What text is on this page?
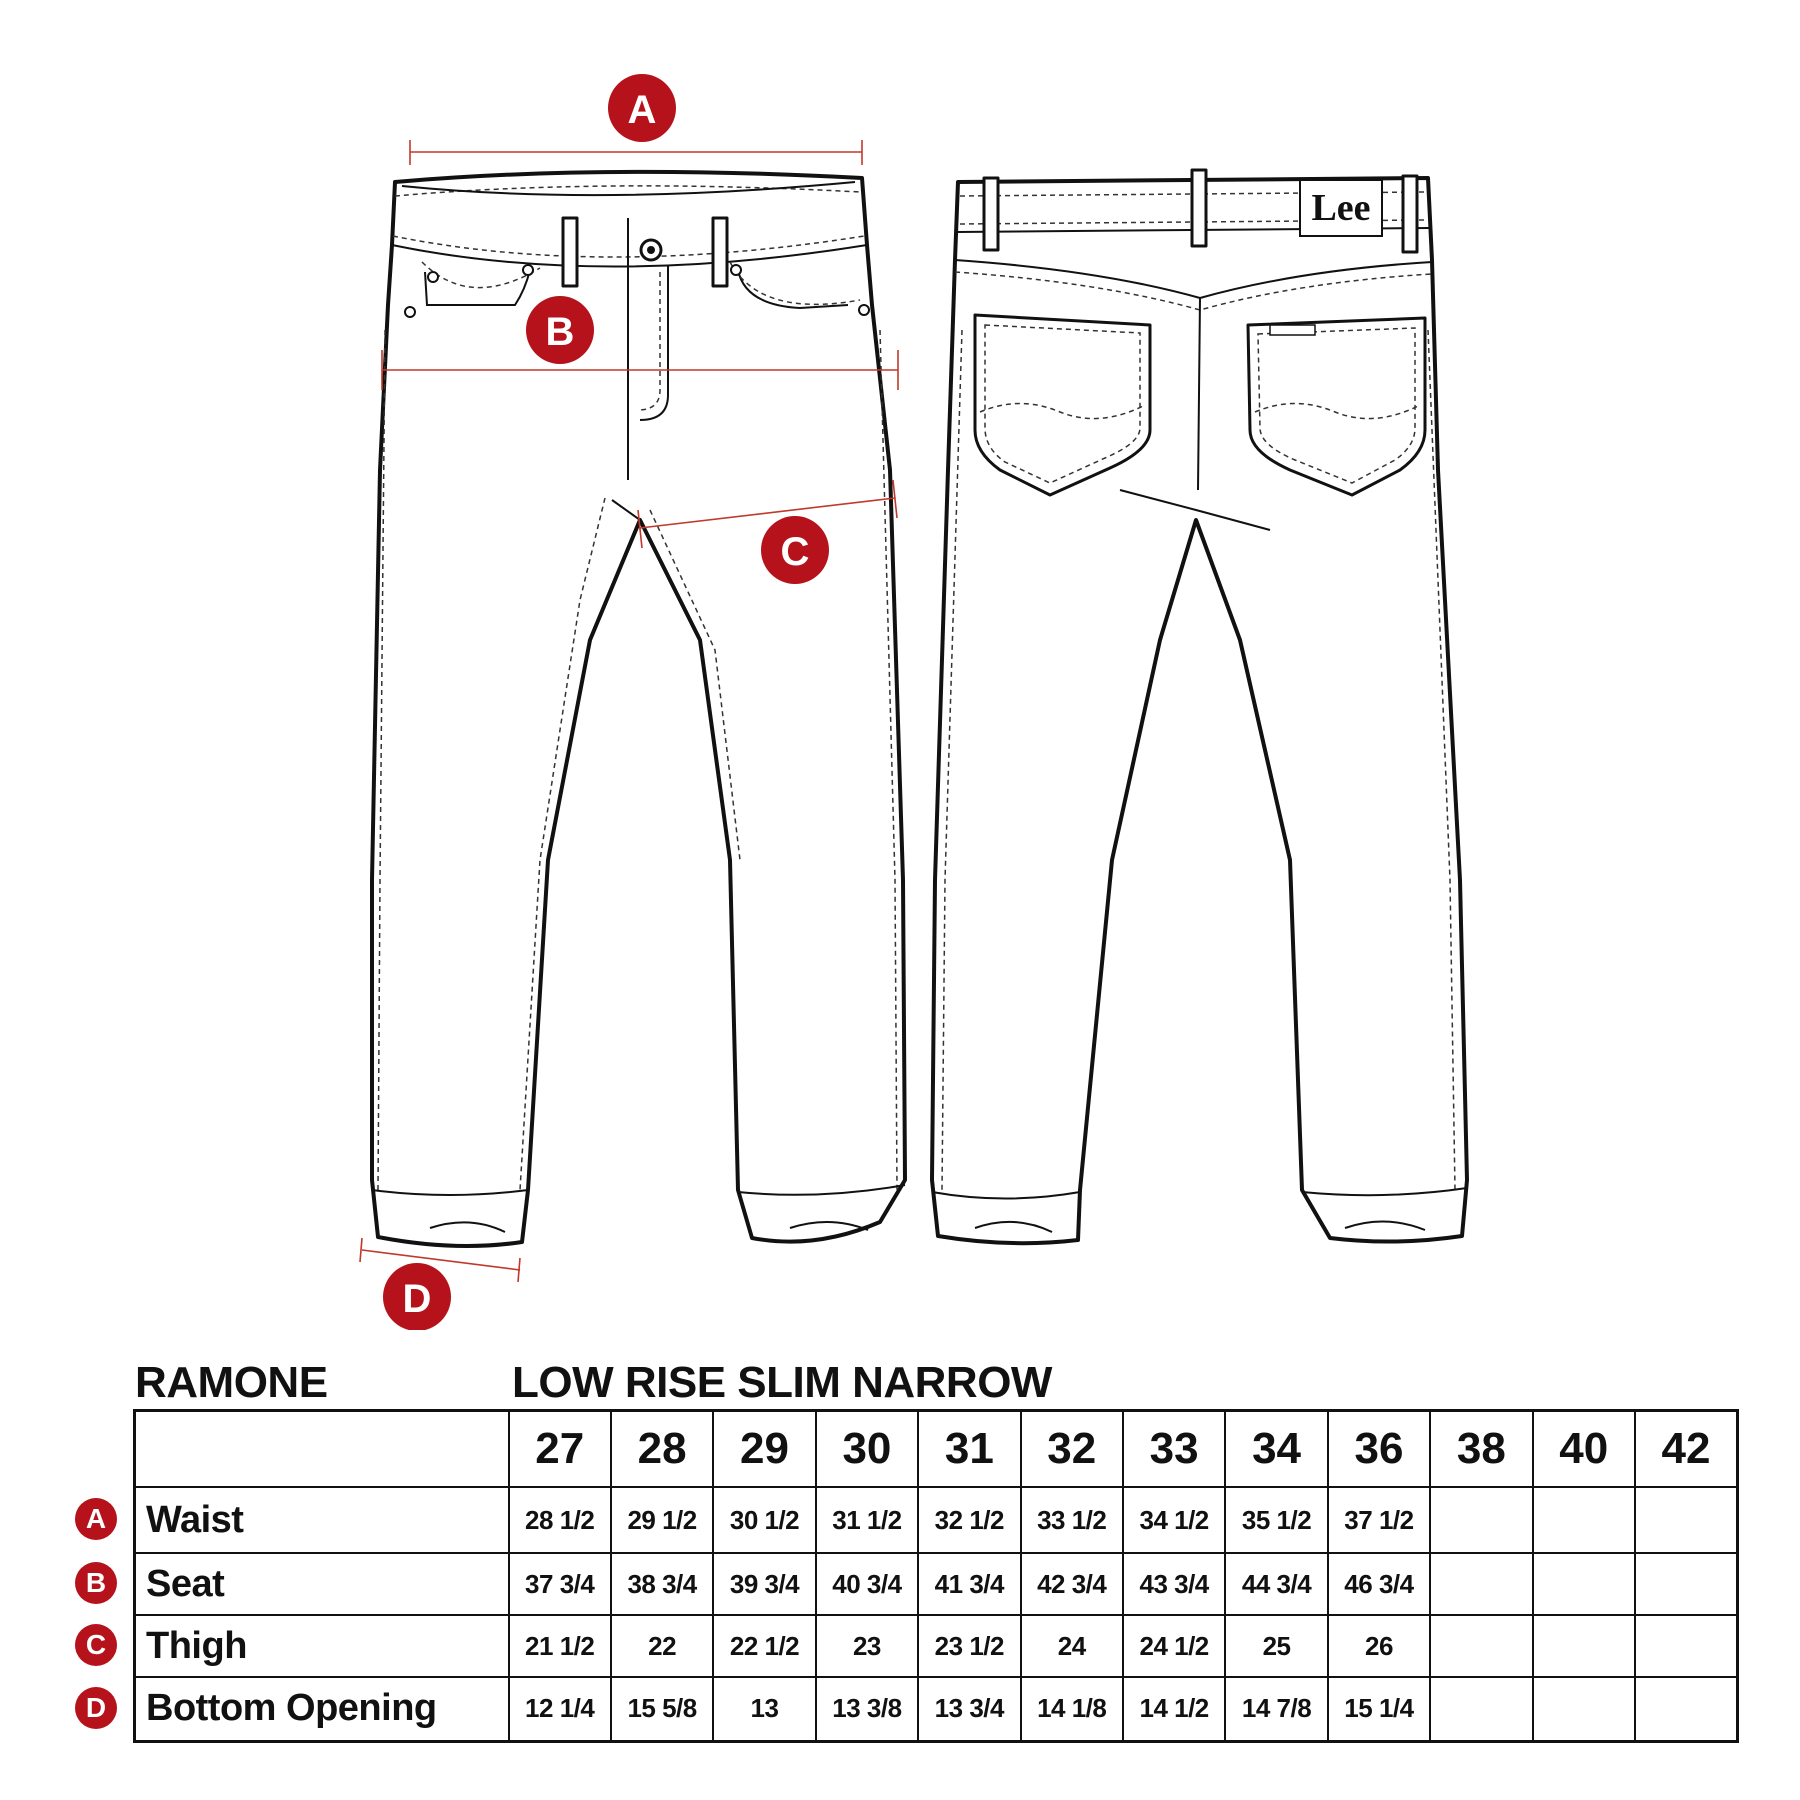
Lee
A
B
C
D
RAMONE	LOW RISE SLIM NARROW
	27	28	29	30	31	32	33	34	36	38	40	42
Waist	28 1/2	29 1/2	30 1/2	31 1/2	32 1/2	33 1/2	34 1/2	35 1/2	37 1/2			
Seat	37 3/4	38 3/4	39 3/4	40 3/4	41 3/4	42 3/4	43 3/4	44 3/4	46 3/4			
Thigh	21 1/2	22	22 1/2	23	23 1/2	24	24 1/2	25	26			
Bottom Opening	12 1/4	15 5/8	13	13 3/8	13 3/4	14 1/8	14 1/2	14 7/8	15 1/4			
A
B
C
D
